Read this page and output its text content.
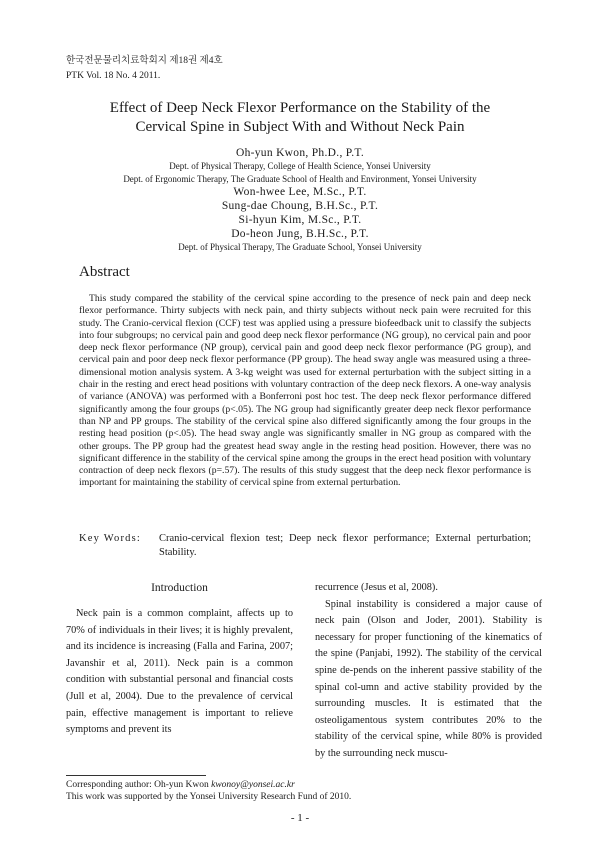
한국전문물리치료학회지 제18권 제4호
PTK Vol. 18 No. 4 2011.
Effect of Deep Neck Flexor Performance on the Stability of the
Cervical Spine in Subject With and Without Neck Pain
Oh-yun Kwon, Ph.D., P.T.
Dept. of Physical Therapy, College of Health Science, Yonsei University
Dept. of Ergonomic Therapy, The Graduate School of Health and Environment, Yonsei University
Won-hwee Lee, M.Sc., P.T.
Sung-dae Choung, B.H.Sc., P.T.
Si-hyun Kim, M.Sc., P.T.
Do-heon Jung, B.H.Sc., P.T.
Dept. of Physical Therapy, The Graduate School, Yonsei University
Abstract

This study compared the stability of the cervical spine according to the presence of neck pain and deep neck flexor performance. Thirty subjects with neck pain, and thirty subjects without neck pain were recruited for this study. The Cranio-cervical flexion (CCF) test was applied using a pressure biofeedback unit to classify the subjects into four subgroups; no cervical pain and good deep neck flexor performance (NG group), no cervical pain and poor deep neck flexor performance (NP group), cervical pain and good deep neck flexor performance (PG group), and cervical pain and poor deep neck flexor performance (PP group). The head sway angle was measured using a three-dimensional motion analysis system. A 3-kg weight was used for external perturbation with the subject sitting in a chair in the resting and erect head positions with voluntary contraction of the deep neck flexors. A one-way analysis of variance (ANOVA) was performed with a Bonferroni post hoc test. The deep neck flexor performance differed significantly among the four groups (p<.05). The NG group had significantly greater deep neck flexor performance than NP and PP groups. The stability of the cervical spine also differed significantly among the four groups in the resting head position (p<.05). The head sway angle was significantly smaller in NG group as compared with the other groups. The PP group had the greatest head sway angle in the resting head position. However, there was no significant difference in the stability of the cervical spine among the groups in the erect head position with voluntary contraction of deep neck flexors (p=.57). The results of this study suggest that the deep neck flexor performance is important for maintaining the stability of cervical spine from external perturbation.

Key Words: Cranio-cervical flexion test; Deep neck flexor performance; External perturbation; Stability.
Introduction

Neck pain is a common complaint, affects up to 70% of individuals in their lives; it is highly prevalent, and its incidence is increasing (Falla and Farina, 2007; Javanshir et al, 2011). Neck pain is a common condition with substantial personal and financial costs (Jull et al, 2004). Due to the prevalence of cervical pain, effective management is important to relieve symptoms and prevent its

recurrence (Jesus et al, 2008).

Spinal instability is considered a major cause of neck pain (Olson and Joder, 2001). Stability is necessary for proper functioning of the kinematics of the spine (Panjabi, 1992). The stability of the cervical spine de-pends on the inherent passive stability of the spinal col-umn and active stability provided by the surrounding muscles. It is estimated that the osteoligamentous system contributes 20% to the stability of the cervical spine, while 80% is provided by the surrounding neck muscu-

Corresponding author: Oh-yun Kwon kwonoy@yonsei.ac.kr
This work was supported by the Yonsei University Research Fund of 2010.
- 1 -
